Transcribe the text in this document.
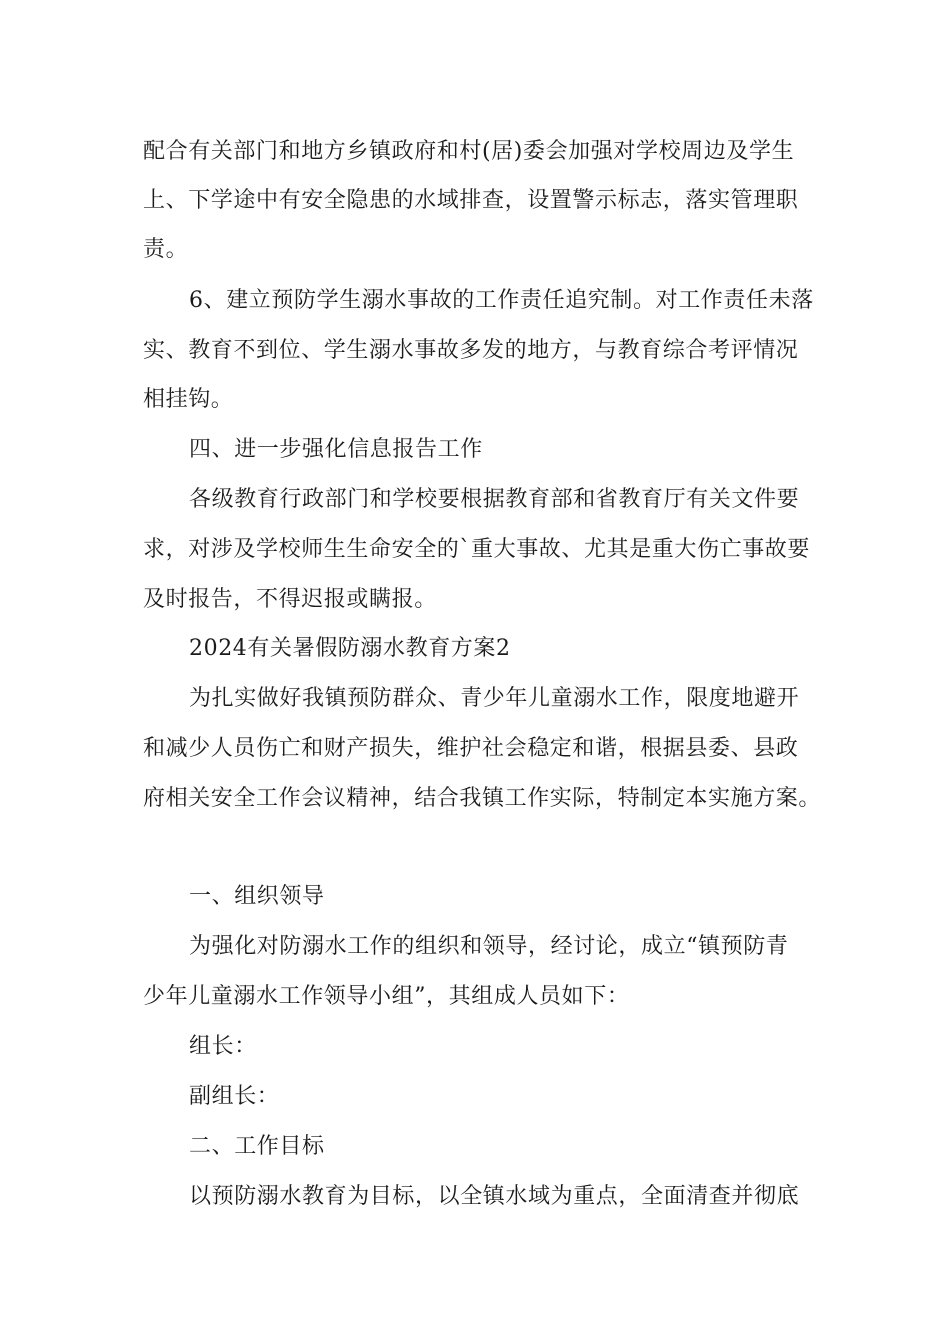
配合有关部门和地方乡镇政府和村(居)委会加强对学校周边及学生
上、下学途中有安全隐患的水域排查，设置警示标志，落实管理职
责。
6、建立预防学生溺水事故的工作责任追究制。对工作责任未落
实、教育不到位、学生溺水事故多发的地方，与教育综合考评情况
相挂钩。
四、进一步强化信息报告工作
各级教育行政部门和学校要根据教育部和省教育厅有关文件要
求，对涉及学校师生生命安全的`重大事故、尤其是重大伤亡事故要
及时报告，不得迟报或瞒报。
2024有关暑假防溺水教育方案2
为扎实做好我镇预防群众、青少年儿童溺水工作，限度地避开
和减少人员伤亡和财产损失，维护社会稳定和谐，根据县委、县政
府相关安全工作会议精神，结合我镇工作实际，特制定本实施方案。
一、组织领导
为强化对防溺水工作的组织和领导，经讨论，成立“镇预防青
少年儿童溺水工作领导小组”，其组成人员如下：
组长：
副组长：
二、工作目标
以预防溺水教育为目标，以全镇水域为重点，全面清查并彻底
